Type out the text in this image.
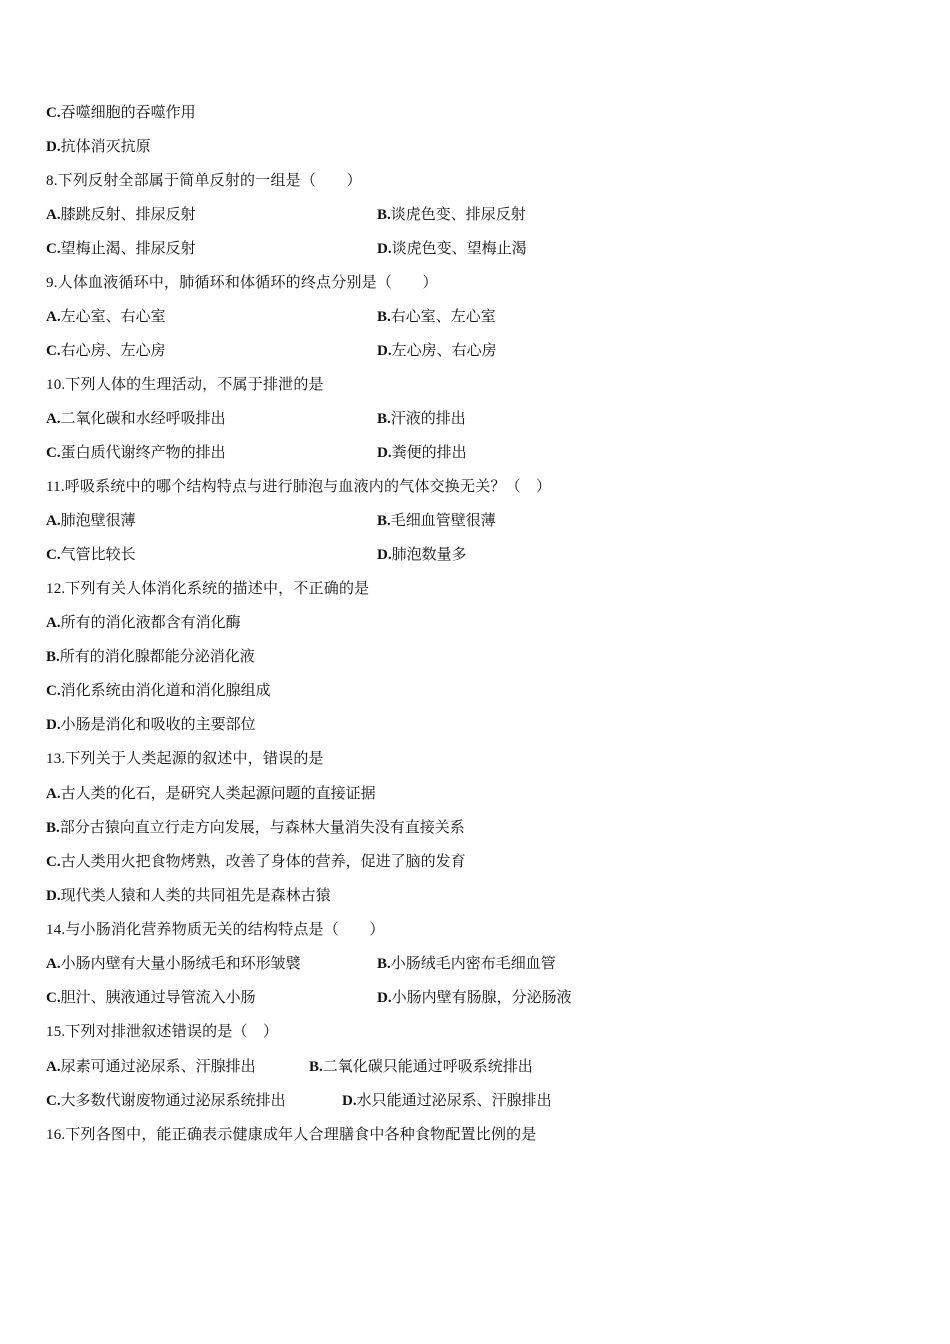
C.吞噬细胞的吞噬作用
D.抗体消灭抗原
8.下列反射全部属于简单反射的一组是（　　）
A.膝跳反射、排尿反射	B.谈虎色变、排尿反射
C.望梅止渴、排尿反射	D.谈虎色变、望梅止渴
9.人体血液循环中，肺循环和体循环的终点分别是（　　）
A.左心室、右心室	B.右心室、左心室
C.右心房、左心房	D.左心房、右心房
10.下列人体的生理活动，不属于排泄的是
A.二氧化碳和水经呼吸排出	B.汗液的排出
C.蛋白质代谢终产物的排出	D.粪便的排出
11.呼吸系统中的哪个结构特点与进行肺泡与血液内的气体交换无关？（　）
A.肺泡壁很薄	B.毛细血管壁很薄
C.气管比较长	D.肺泡数量多
12.下列有关人体消化系统的描述中，不正确的是
A.所有的消化液都含有消化酶
B.所有的消化腺都能分泌消化液
C.消化系统由消化道和消化腺组成
D.小肠是消化和吸收的主要部位
13.下列关于人类起源的叙述中，错误的是
A.古人类的化石，是研究人类起源问题的直接证据
B.部分古猿向直立行走方向发展，与森林大量消失没有直接关系
C.古人类用火把食物烤熟，改善了身体的营养，促进了脑的发育
D.现代类人猿和人类的共同祖先是森林古猿
14.与小肠消化营养物质无关的结构特点是（　　）
A.小肠内壁有大量小肠绒毛和环形皱襞	B.小肠绒毛内密布毛细血管
C.胆汁、胰液通过导管流入小肠	D.小肠内壁有肠腺，分泌肠液
15.下列对排泄叙述错误的是（　）
A.尿素可通过泌尿系、汗腺排出	B.二氧化碳只能通过呼吸系统排出
C.大多数代谢废物通过泌尿系统排出	D.水只能通过泌尿系、汗腺排出
16.下列各图中，能正确表示健康成年人合理膳食中各种食物配置比例的是
